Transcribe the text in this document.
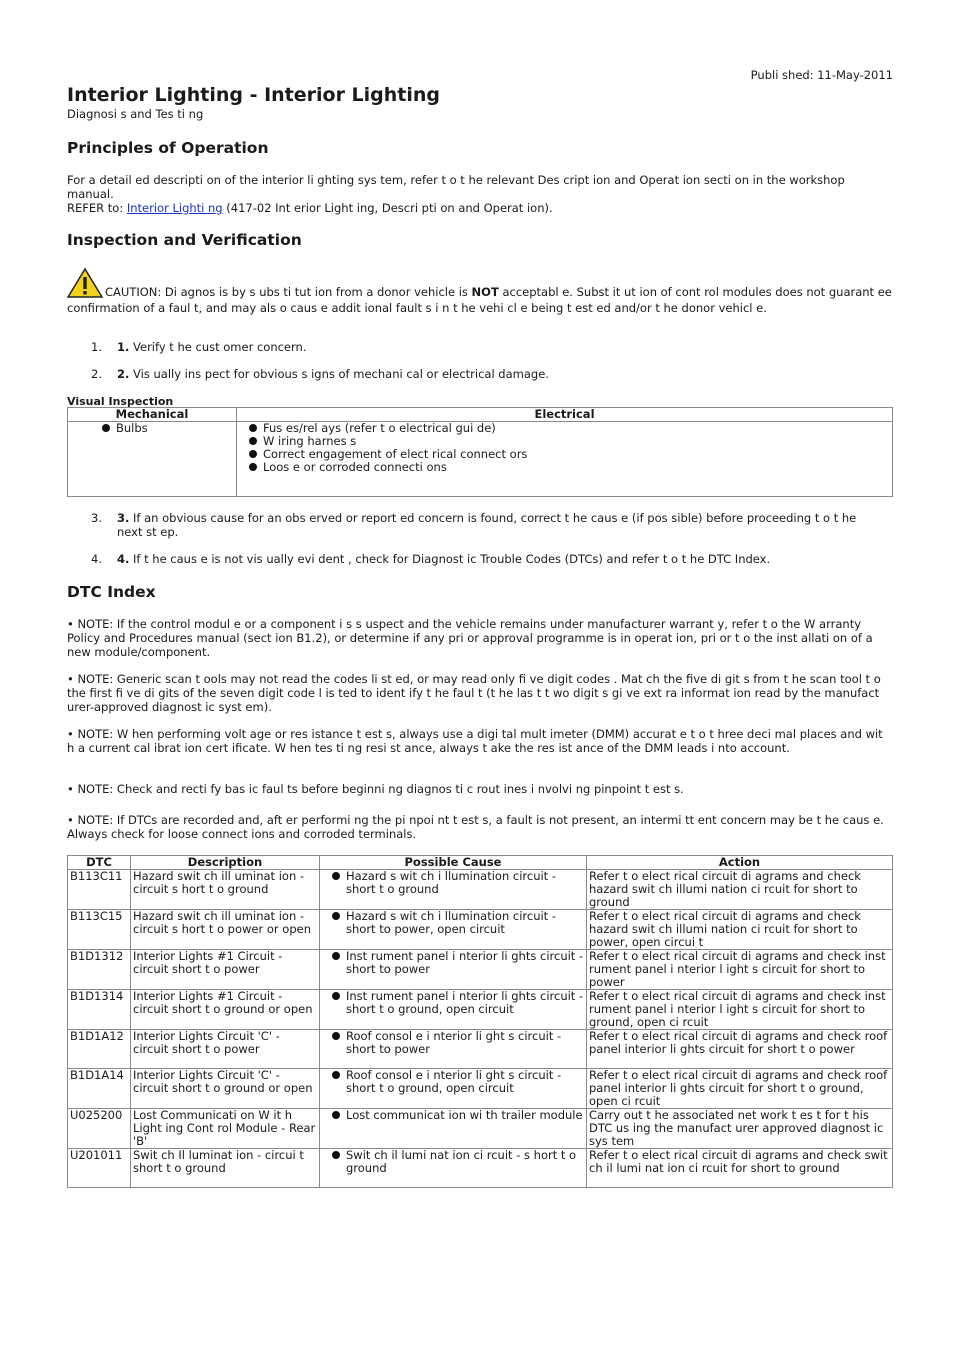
Publi shed: 11-May-2011
Interior Lighting - Interior Lighting
Diagnosi s and Tes ti ng
Principles of Operation
For a detail ed descripti on of the interior li ghting sys tem, refer t o t he relevant Des cript ion and Operat ion secti on in the workshop manual.
REFER to: Interior Lighti ng (417-02 Int erior Light ing, Descri pti on and Operat ion).
Inspection and Verification
CAUTION: Di agnos is by s ubs ti tut ion from a donor vehicle is NOT acceptabl e. Subst it ut ion of cont rol modules does not guarant ee confirmation of a faul t, and may als o caus e addit ional fault s i n t he vehi cl e being t est ed and/or t he donor vehicl e.
1. 1. Verify t he cust omer concern.
2. 2. Vis ually ins pect for obvious s igns of mechani cal or electrical damage.
Visual Inspection
Mechanical	Electrical

Bulbs	Fus es/rel ays (refer t o electrical gui de)
W iring harnes s
Correct engagement of elect rical connect ors
Loos e or corroded connecti ons
3. 3. If an obvious cause for an obs erved or report ed concern is found, correct t he caus e (if pos sible) before proceeding t o t he next st ep.
4. 4. If t he caus e is not vis ually evi dent , check for Diagnost ic Trouble Codes (DTCs) and refer t o t he DTC Index.
DTC Index
• NOTE: If the control modul e or a component i s s uspect and the vehicle remains under manufacturer warrant y, refer t o the W arranty Policy and Procedures manual (sect ion B1.2), or determine if any pri or approval programme is in operat ion, pri or t o the inst allati on of a new module/component.
• NOTE: Generic scan t ools may not read the codes li st ed, or may read only fi ve digit codes . Mat ch the five di git s from t he scan tool t o the first fi ve di gits of the seven digit code l is ted to ident ify t he faul t (t he las t t wo digit s gi ve ext ra informat ion read by the manufact urer-approved diagnost ic syst em).
• NOTE: W hen performing volt age or res istance t est s, always use a digi tal mult imeter (DMM) accurat e t o t hree deci mal places and wit h a current cal ibrat ion cert ificate. W hen tes ti ng resi st ance, always t ake the res ist ance of the DMM leads i nto account.
• NOTE: Check and recti fy bas ic faul ts before beginni ng diagnos ti c rout ines i nvolvi ng pinpoint t est s.
• NOTE: If DTCs are recorded and, aft er performi ng the pi npoi nt t est s, a fault is not present, an intermi tt ent concern may be t he caus e. Always check for loose connect ions and corroded terminals.
DTC	Description	Possible Cause	Action
B113C11	Hazard swit ch ill uminat ion - circuit s hort t o ground	Hazard s wit ch i llumination circuit - short t o ground	Refer t o elect rical circuit di agrams and check hazard swit ch illumi nation ci rcuit for short to ground
B113C15	Hazard swit ch ill uminat ion - circuit s hort t o power or open	Hazard s wit ch i llumination circuit - short to power, open circuit	Refer t o elect rical circuit di agrams and check hazard swit ch illumi nation ci rcuit for short to power, open circui t
B1D1312	Interior Lights #1 Circuit - circuit short t o power	Inst rument panel i nterior li ghts circuit - short to power	Refer t o elect rical circuit di agrams and check inst rument panel i nterior l ight s circuit for short to power
B1D1314	Interior Lights #1 Circuit - circuit short t o ground or open	Inst rument panel i nterior li ghts circuit - short t o ground, open circuit	Refer t o elect rical circuit di agrams and check inst rument panel i nterior l ight s circuit for short to ground, open ci rcuit
B1D1A12	Interior Lights Circuit 'C' - circuit short t o power	Roof consol e i nterior li ght s circuit - short to power	Refer t o elect rical circuit di agrams and check roof panel interior li ghts circuit for short t o power
B1D1A14	Interior Lights Circuit 'C' - circuit short t o ground or open	Roof consol e i nterior li ght s circuit - short t o ground, open circuit	Refer t o elect rical circuit di agrams and check roof panel interior li ghts circuit for short t o ground, open ci rcuit
U025200	Lost Communicati on W it h Light ing Cont rol Module - Rear 'B'	Lost communicat ion wi th trailer module	Carry out t he associated net work t es t for t his DTC us ing the manufact urer approved diagnost ic sys tem
U201011	Swit ch Il luminat ion - circui t short t o ground	Swit ch il lumi nat ion ci rcuit - s hort t o ground	Refer t o elect rical circuit di agrams and check swit ch il lumi nat ion ci rcuit for short to ground
